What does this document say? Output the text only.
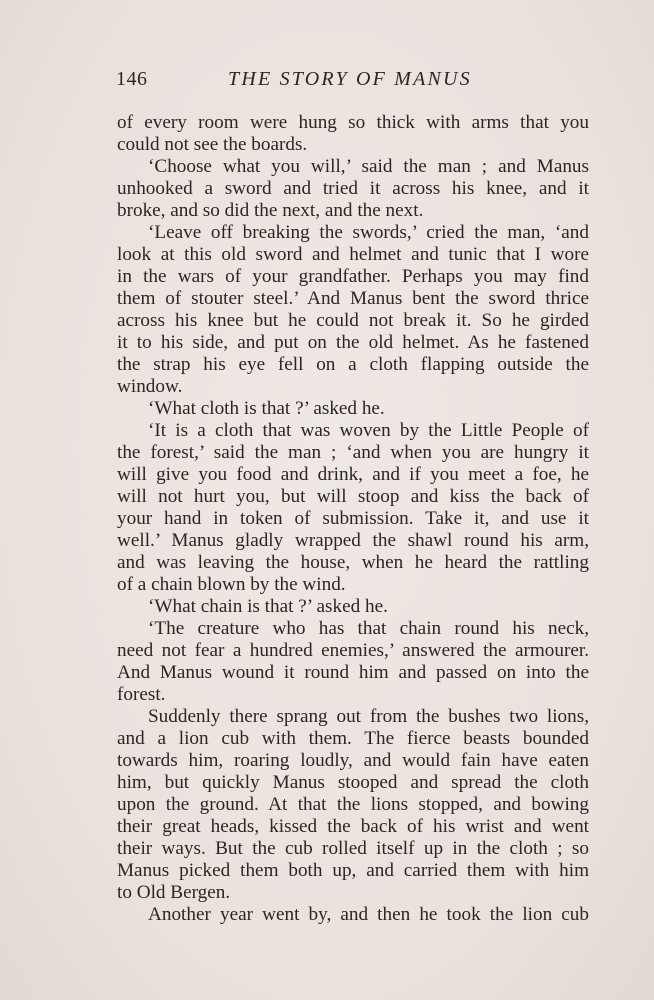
146	THE STORY OF MANUS
of every room were hung so thick with arms that you
could not see the boards.
‘Choose what you will,’ said the man ; and Manus
unhooked a sword and tried it across his knee, and it
broke, and so did the next, and the next.
‘Leave off breaking the swords,’ cried the man, ‘and
look at this old sword and helmet and tunic that I wore
in the wars of your grandfather. Perhaps you may find
them of stouter steel.’ And Manus bent the sword thrice
across his knee but he could not break it. So he girded
it to his side, and put on the old helmet. As he fastened
the strap his eye fell on a cloth flapping outside the
window.
‘What cloth is that ?’ asked he.
‘It is a cloth that was woven by the Little People of
the forest,’ said the man ; ‘and when you are hungry it
will give you food and drink, and if you meet a foe, he
will not hurt you, but will stoop and kiss the back of
your hand in token of submission. Take it, and use it
well.’ Manus gladly wrapped the shawl round his arm,
and was leaving the house, when he heard the rattling
of a chain blown by the wind.
‘What chain is that ?’ asked he.
‘The creature who has that chain round his neck,
need not fear a hundred enemies,’ answered the armourer.
And Manus wound it round him and passed on into the
forest.
Suddenly there sprang out from the bushes two lions,
and a lion cub with them. The fierce beasts bounded
towards him, roaring loudly, and would fain have eaten
him, but quickly Manus stooped and spread the cloth
upon the ground. At that the lions stopped, and bowing
their great heads, kissed the back of his wrist and went
their ways. But the cub rolled itself up in the cloth ; so
Manus picked them both up, and carried them with him
to Old Bergen.
Another year went by, and then he took the lion cub
